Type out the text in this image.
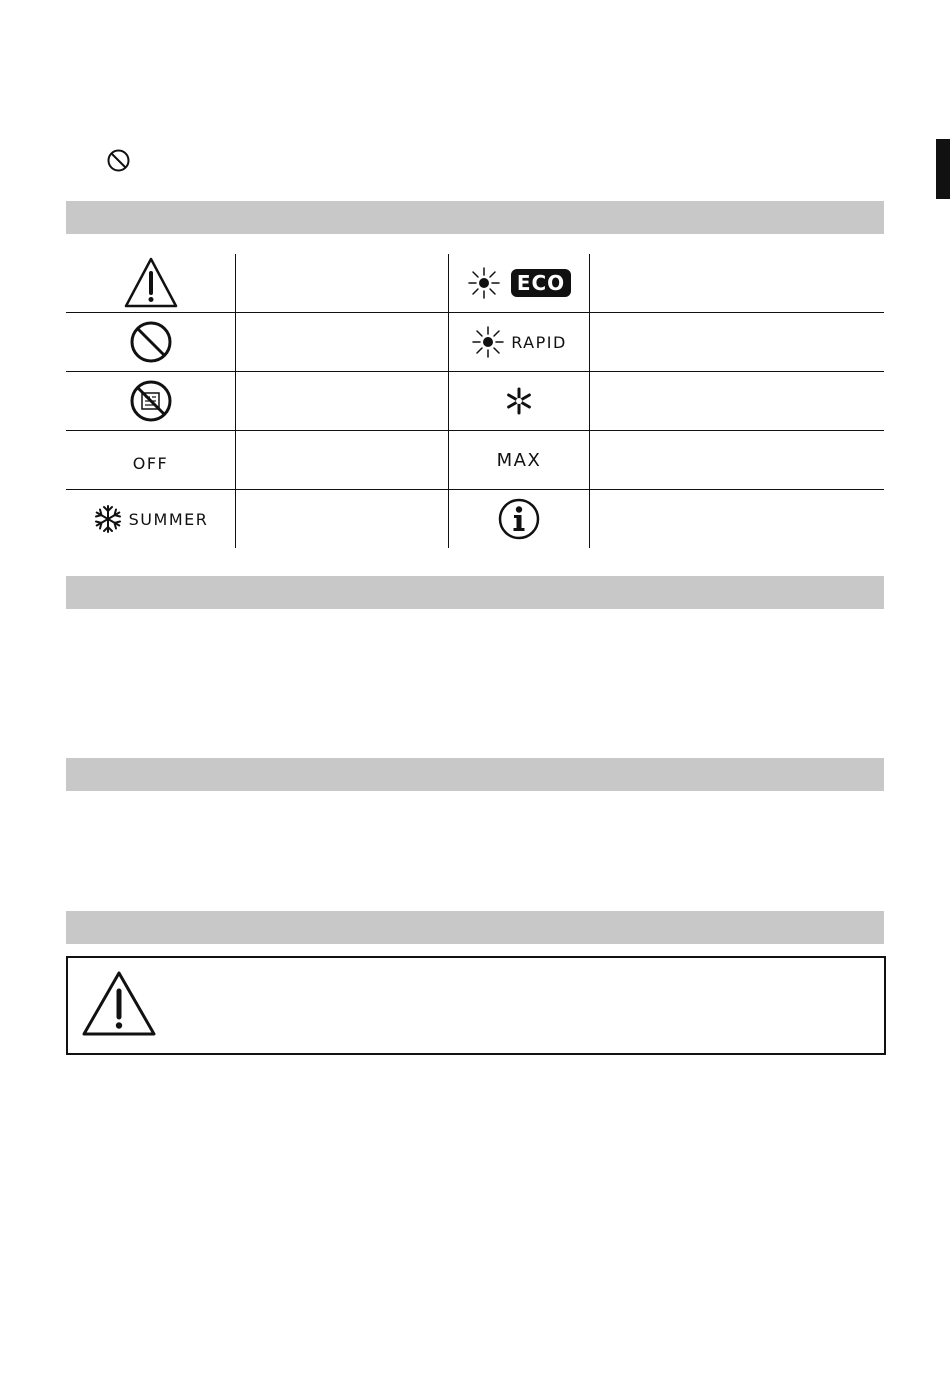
ECO
RAPID
OFF	MAX
SUMMER
